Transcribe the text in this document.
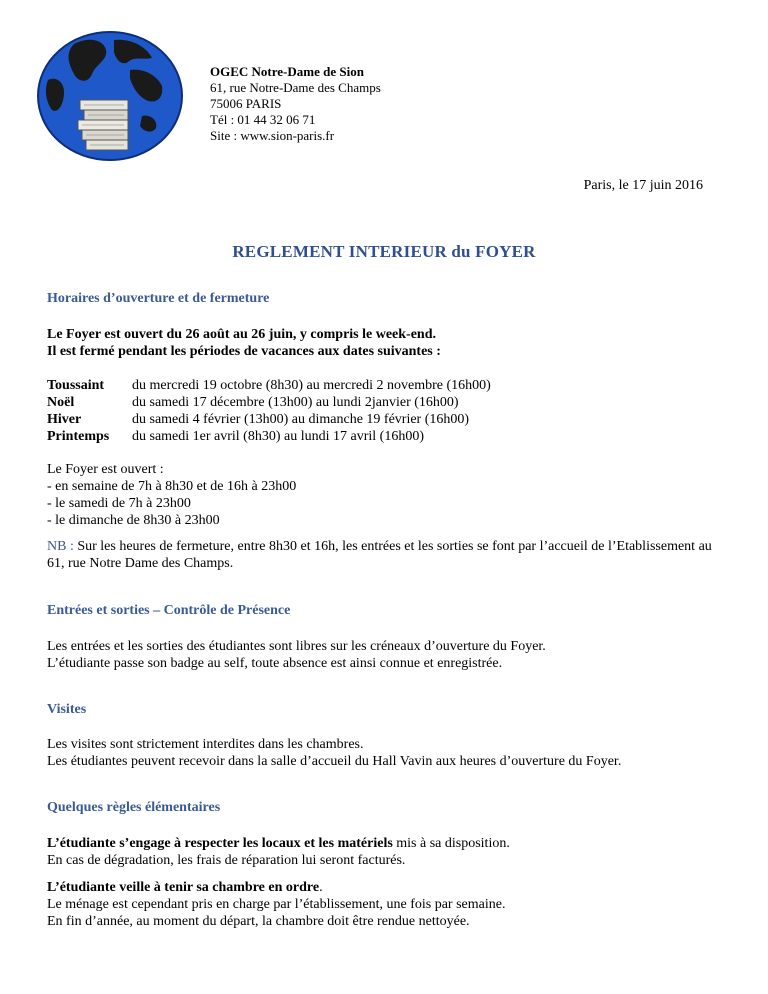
OGEC Notre-Dame de Sion
61, rue Notre-Dame des Champs
75006 PARIS
Tél : 01 44 32 06 71
Site : www.sion-paris.fr
Paris, le 17 juin 2016
REGLEMENT INTERIEUR du FOYER
Horaires d’ouverture et de fermeture

Le Foyer est ouvert du 26 août au 26 juin, y compris le week-end.

Il est fermé pendant les périodes de vacances aux dates suivantes :

Toussaint	du mercredi 19 octobre (8h30) au mercredi 2 novembre (16h00)
Noël	du samedi 17 décembre (13h00) au lundi 2janvier (16h00)
Hiver	du samedi 4 février (13h00) au dimanche 19 février (16h00)
Printemps	du samedi 1er avril (8h30) au lundi 17 avril (16h00)

Le Foyer est ouvert :

- en semaine de 7h à 8h30 et de 16h à 23h00

- le samedi de 7h à 23h00

- le dimanche de 8h30 à 23h00

NB : Sur les heures de fermeture, entre 8h30 et 16h, les entrées et les sorties se font par l’accueil de l’Etablissement au 61, rue Notre Dame des Champs.

Entrées et sorties – Contrôle de Présence

Les entrées et les sorties des étudiantes sont libres sur les créneaux d’ouverture du Foyer.

L’étudiante passe son badge au self, toute absence est ainsi connue et enregistrée.

Visites

Les visites sont strictement interdites dans les chambres.

Les étudiantes peuvent recevoir dans la salle d’accueil du Hall Vavin aux heures d’ouverture du Foyer.

Quelques règles élémentaires

L’étudiante s’engage à respecter les locaux et les matériels mis à sa disposition.

En cas de dégradation, les frais de réparation lui seront facturés.

L’étudiante veille à tenir sa chambre en ordre.

Le ménage est cependant pris en charge par l’établissement, une fois par semaine.

En fin d’année, au moment du départ, la chambre doit être rendue nettoyée.
